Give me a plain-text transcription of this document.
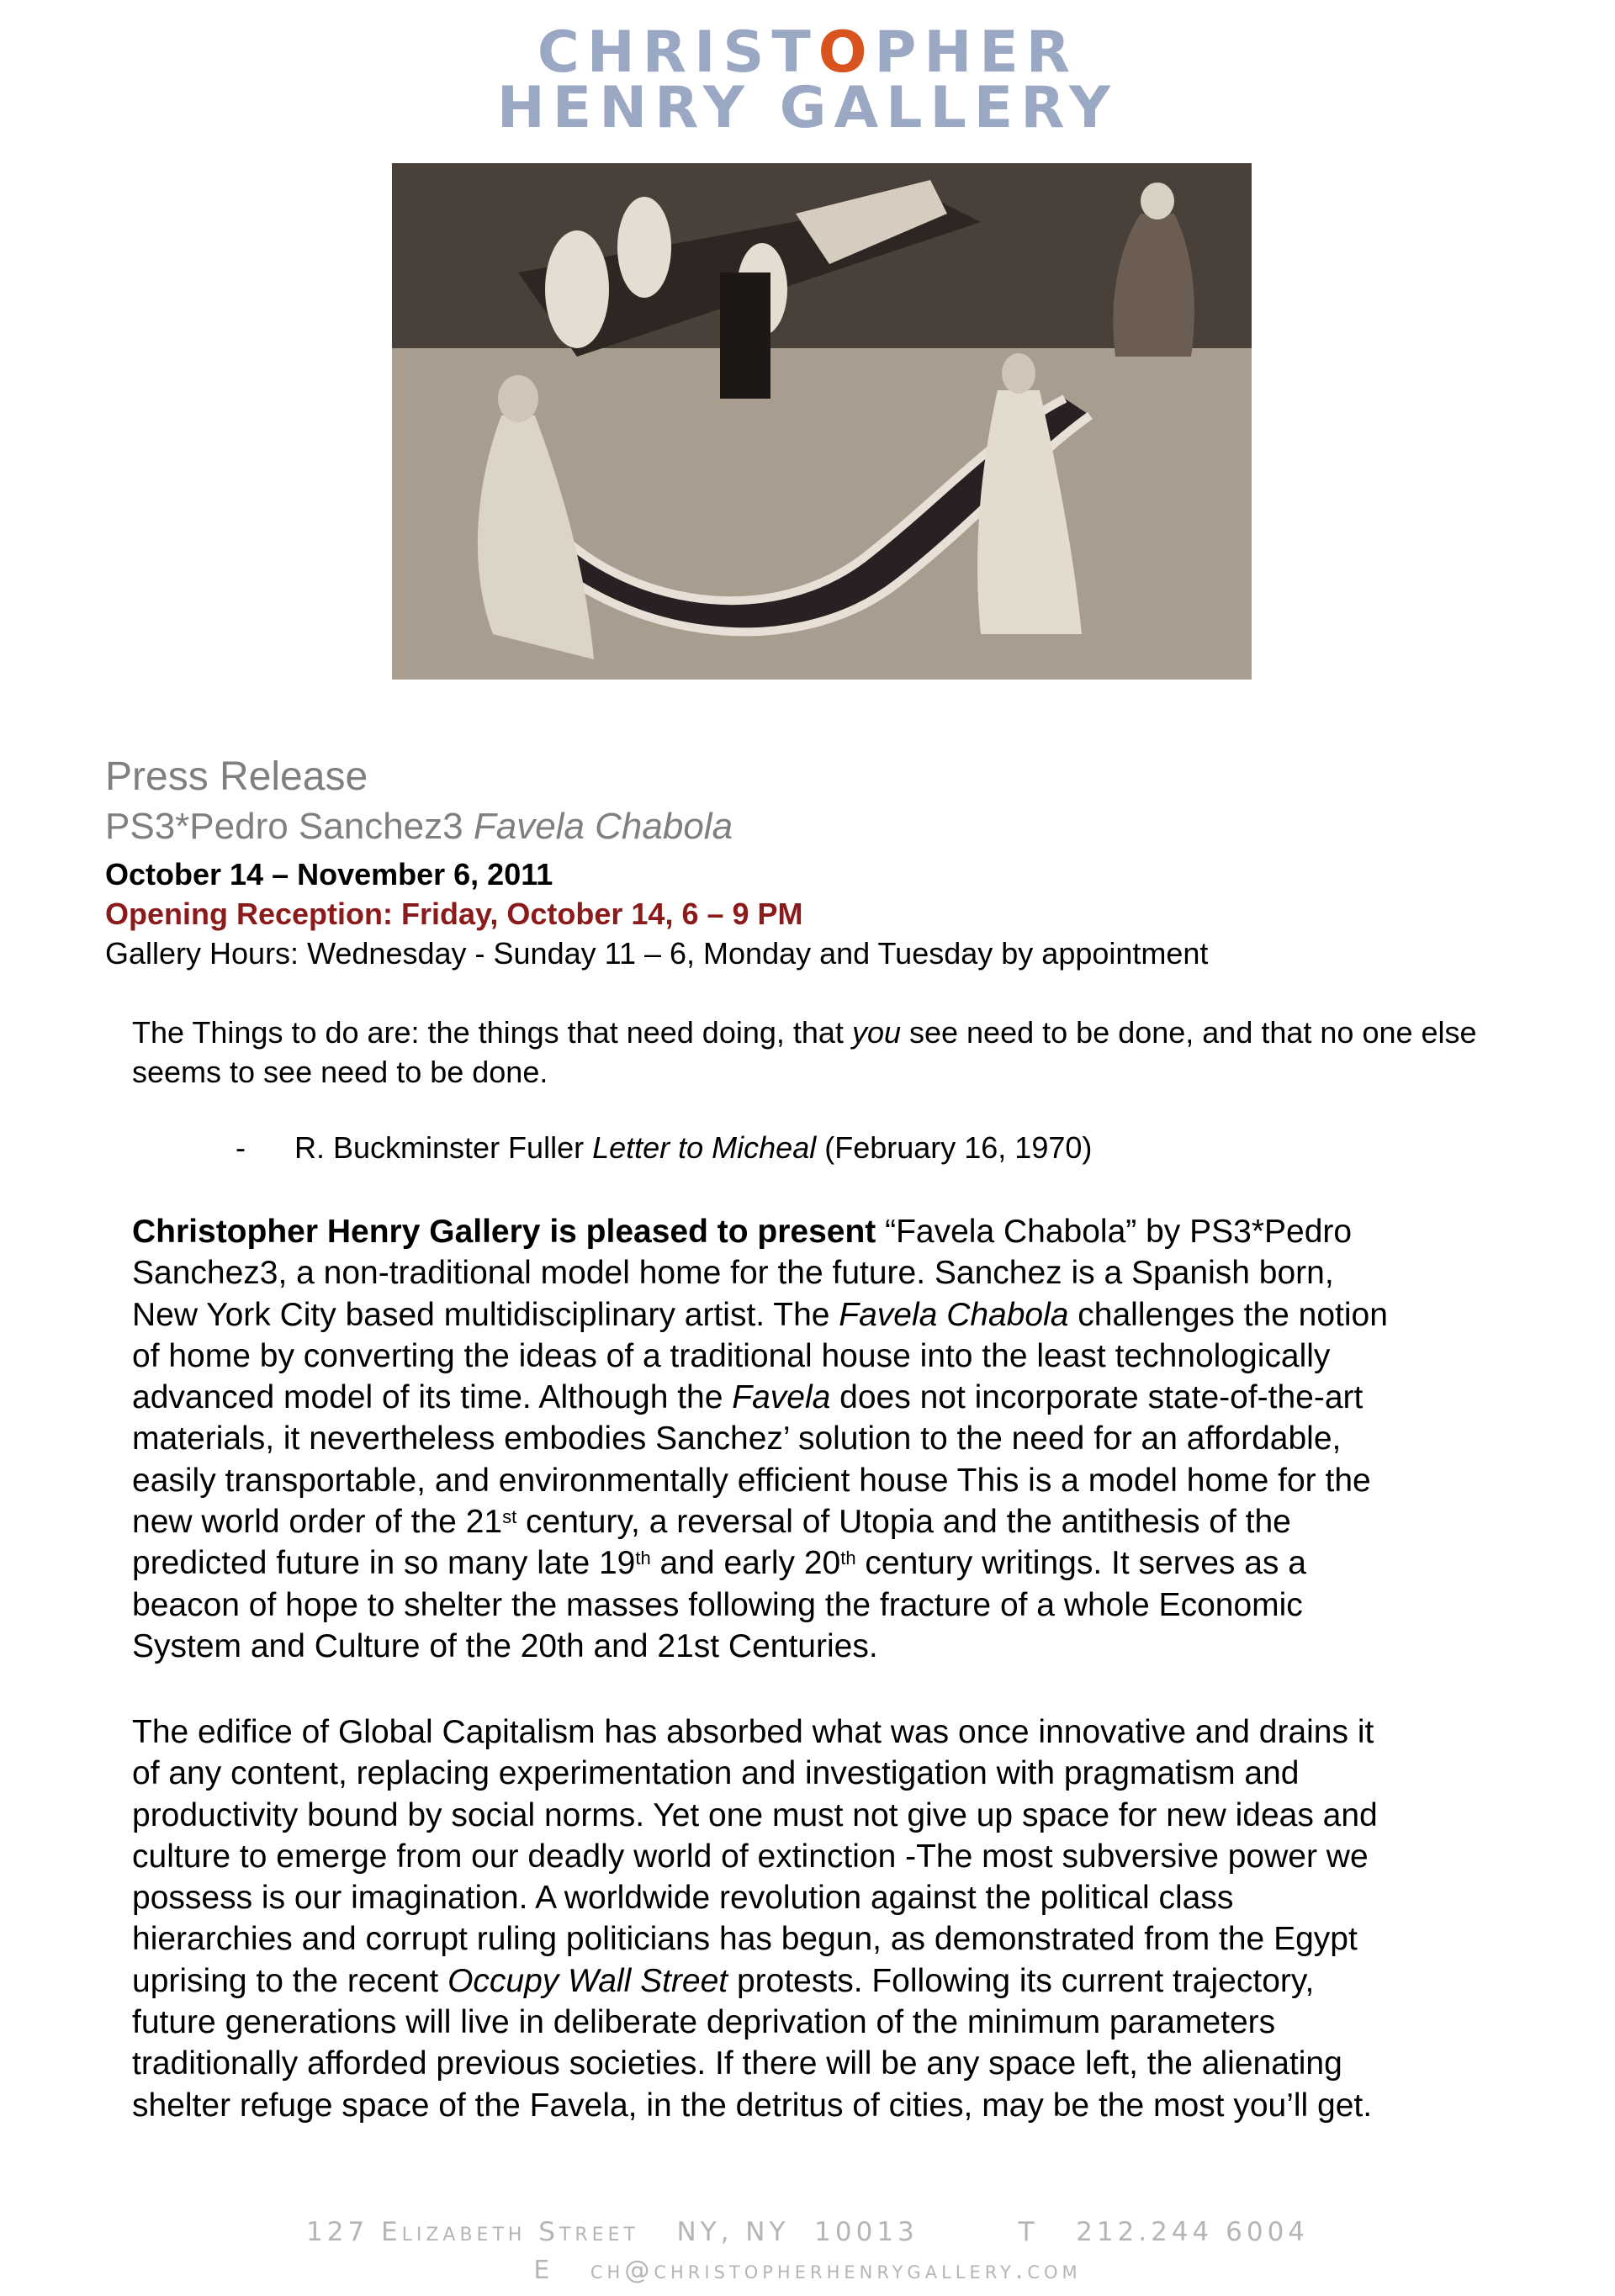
CHRISTOPHER
HENRY GALLERY
Press Release
PS3*Pedro Sanchez3 Favela Chabola
October 14 – November 6, 2011
Opening Reception: Friday, October 14, 6 – 9 PM
Gallery Hours: Wednesday - Sunday 11 – 6, Monday and Tuesday by appointment
The Things to do are: the things that need doing, that you see need to be done, and that no one else seems to see need to be done.
- R. Buckminster Fuller Letter to Micheal (February 16, 1970)

Christopher Henry Gallery is pleased to present “Favela Chabola” by PS3*Pedro

Sanchez3, a non-traditional model home for the future. Sanchez is a Spanish born,

New York City based multidisciplinary artist. The Favela Chabola challenges the notion

of home by converting the ideas of a traditional house into the least technologically

advanced model of its time. Although the Favela does not incorporate state-of-the-art

materials, it nevertheless embodies Sanchez’ solution to the need for an affordable,

easily transportable, and environmentally efficient house This is a model home for the

new world order of the 21st century, a reversal of Utopia and the antithesis of the

predicted future in so many late 19th and early 20th century writings. It serves as a

beacon of hope to shelter the masses following the fracture of a whole Economic

System and Culture of the 20th and 21st Centuries.

The edifice of Global Capitalism has absorbed what was once innovative and drains it

of any content, replacing experimentation and investigation with pragmatism and

productivity bound by social norms. Yet one must not give up space for new ideas and

culture to emerge from our deadly world of extinction -The most subversive power we

possess is our imagination. A worldwide revolution against the political class

hierarchies and corrupt ruling politicians has begun, as demonstrated from the Egypt

uprising to the recent Occupy Wall Street protests. Following its current trajectory,

future generations will live in deliberate deprivation of the minimum parameters

traditionally afforded previous societies. If there will be any space left, the alienating

shelter refuge space of the Favela, in the detritus of cities, may be the most you’ll get.

127 Elizabeth Street   NY, NY  10013        T   212.244 6004
E   ch@christopherhenrygallery.com
